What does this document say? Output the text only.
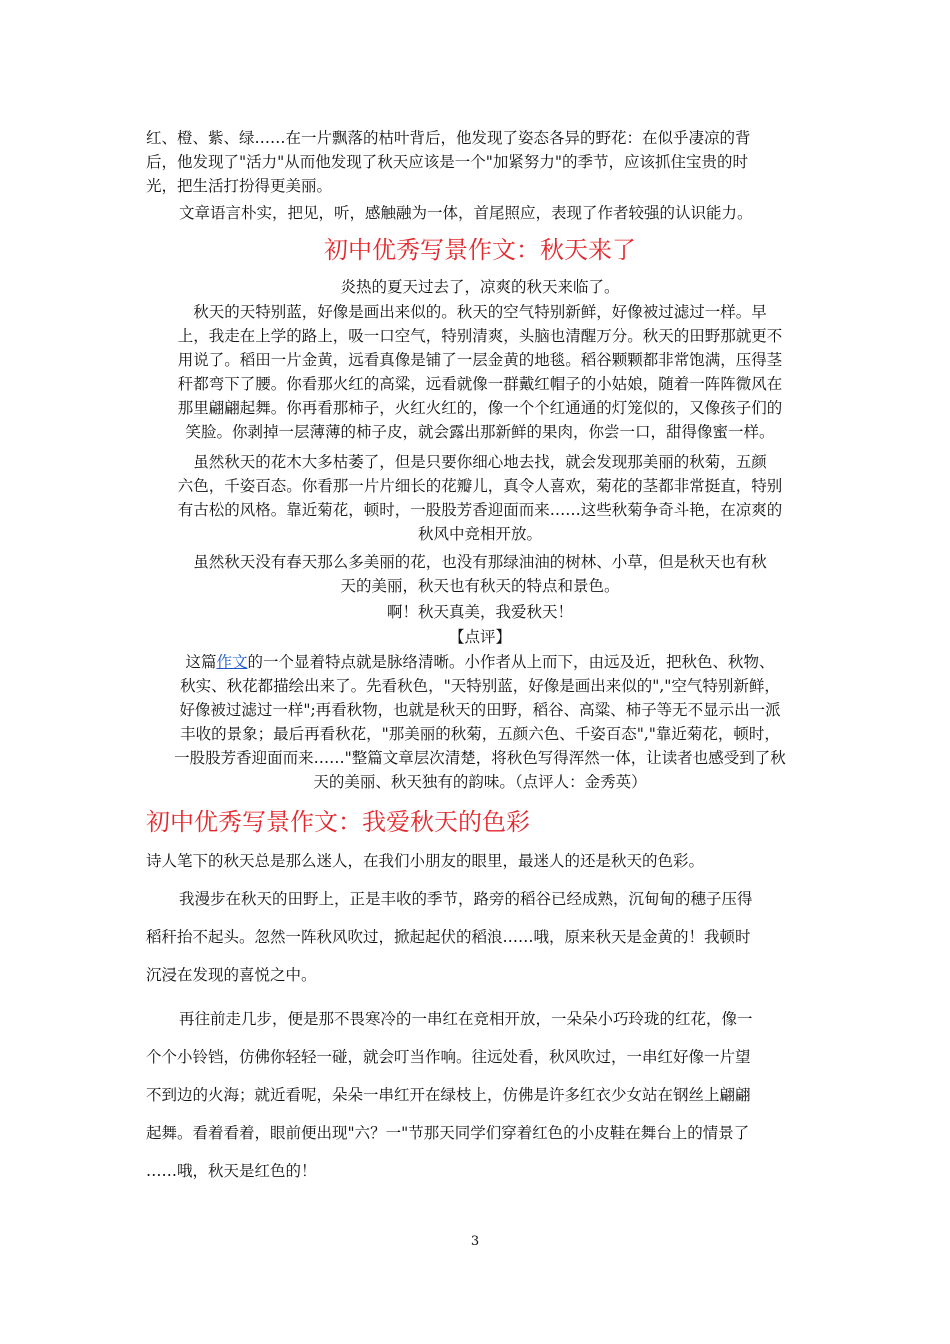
红、橙、紫、绿……在一片飘落的枯叶背后，他发现了姿态各异的野花：在似乎凄凉的背
后，他发现了"活力"从而他发现了秋天应该是一个"加紧努力"的季节，应该抓住宝贵的时
光，把生活打扮得更美丽。
文章语言朴实，把见，听，感触融为一体，首尾照应，表现了作者较强的认识能力。
初中优秀写景作文：秋天来了
炎热的夏天过去了，凉爽的秋天来临了。
秋天的天特别蓝，好像是画出来似的。秋天的空气特别新鲜，好像被过滤过一样。早
上，我走在上学的路上，吸一口空气，特别清爽，头脑也清醒万分。秋天的田野那就更不
用说了。稻田一片金黄，远看真像是铺了一层金黄的地毯。稻谷颗颗都非常饱满，压得茎
秆都弯下了腰。你看那火红的高粱，远看就像一群戴红帽子的小姑娘，随着一阵阵微风在
那里翩翩起舞。你再看那柿子，火红火红的，像一个个红通通的灯笼似的，又像孩子们的
笑脸。你剥掉一层薄薄的柿子皮，就会露出那新鲜的果肉，你尝一口，甜得像蜜一样。
虽然秋天的花木大多枯萎了，但是只要你细心地去找，就会发现那美丽的秋菊，五颜
六色，千姿百态。你看那一片片细长的花瓣儿，真令人喜欢，菊花的茎都非常挺直，特别
有古松的风格。靠近菊花，顿时，一股股芳香迎面而来……这些秋菊争奇斗艳，在凉爽的
秋风中竞相开放。
虽然秋天没有春天那么多美丽的花，也没有那绿油油的树林、小草，但是秋天也有秋
天的美丽，秋天也有秋天的特点和景色。
啊！秋天真美，我爱秋天！
【点评】
这篇作文的一个显着特点就是脉络清晰。小作者从上而下，由远及近，把秋色、秋物、
秋实、秋花都描绘出来了。先看秋色，"天特别蓝，好像是画出来似的","空气特别新鲜，
好像被过滤过一样";再看秋物，也就是秋天的田野，稻谷、高粱、柿子等无不显示出一派
丰收的景象；最后再看秋花，"那美丽的秋菊，五颜六色、千姿百态","靠近菊花，顿时，
一股股芳香迎面而来……"整篇文章层次清楚，将秋色写得浑然一体，让读者也感受到了秋
天的美丽、秋天独有的韵味。（点评人：金秀英）
初中优秀写景作文：我爱秋天的色彩
诗人笔下的秋天总是那么迷人，在我们小朋友的眼里，最迷人的还是秋天的色彩。
我漫步在秋天的田野上，正是丰收的季节，路旁的稻谷已经成熟，沉甸甸的穗子压得
稻秆抬不起头。忽然一阵秋风吹过，掀起起伏的稻浪……哦，原来秋天是金黄的！我顿时
沉浸在发现的喜悦之中。
再往前走几步，便是那不畏寒冷的一串红在竞相开放，一朵朵小巧玲珑的红花，像一
个个小铃铛，仿佛你轻轻一碰，就会叮当作响。往远处看，秋风吹过，一串红好像一片望
不到边的火海；就近看呢，朵朵一串红开在绿枝上，仿佛是许多红衣少女站在钢丝上翩翩
起舞。看着看着，眼前便出现"六？一"节那天同学们穿着红色的小皮鞋在舞台上的情景了
……哦，秋天是红色的！
3
